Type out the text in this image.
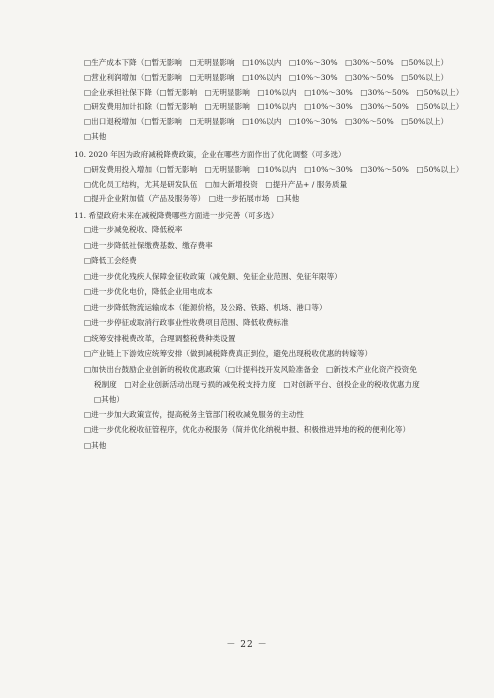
□生产成本下降（□暂无影响　□无明显影响　□10%以内　□10%～30%　□30%～50%　□50%以上）
□营业利润增加（□暂无影响　□无明显影响　□10%以内　□10%～30%　□30%～50%　□50%以上）
□企业承担社保下降（□暂无影响　□无明显影响　□10%以内　□10%～30%　□30%～50%　□50%以上）
□研发费用加计扣除（□暂无影响　□无明显影响　□10%以内　□10%～30%　□30%～50%　□50%以上）
□出口退税增加（□暂无影响　□无明显影响　□10%以内　□10%～30%　□30%～50%　□50%以上）
□其他
10. 2020 年因为政府减税降费政策，企业在哪些方面作出了优化调整（可多选）
□研发费用投入增加（□暂无影响　□无明显影响　□10%以内　□10%～30%　□30%～50%　□50%以上）
□优化员工结构，尤其是研发队伍　□加大新增投资　□提升产品+ / 服务质量
□提升企业附加值（产品及服务等）　□进一步拓展市场　□其他
11. 希望政府未来在减税降费哪些方面进一步完善（可多选）
□进一步减免税收、降低税率
□进一步降低社保缴费基数、缴存费率
□降低工会经费
□进一步优化残疾人保障金征收政策（减免额、免征企业范围、免征年限等）
□进一步优化电价，降低企业用电成本
□进一步降低物流运输成本（能源价格，及公路、铁路、机场、港口等）
□进一步停征或取消行政事业性收费项目范围、降低收费标准
□统筹安排税费改革，合理调整税费种类设置
□产业链上下游效应统筹安排（做到减税降费真正到位，避免出现税收优惠的转嫁等）
□加快出台鼓励企业创新的税收优惠政策（□计提科技开发风险准备金　□新技术产业化资产投资免
税制度　□对企业创新活动出现亏损的减免税支持力度　□对创新平台、创投企业的税收优惠力度
□其他）
□进一步加大政策宣传，提高税务主管部门税收减免服务的主动性
□进一步优化税收征管程序，优化办税服务（简并优化纳税申报、积极推进异地的税的便利化等）
□其他
－ 22 －
